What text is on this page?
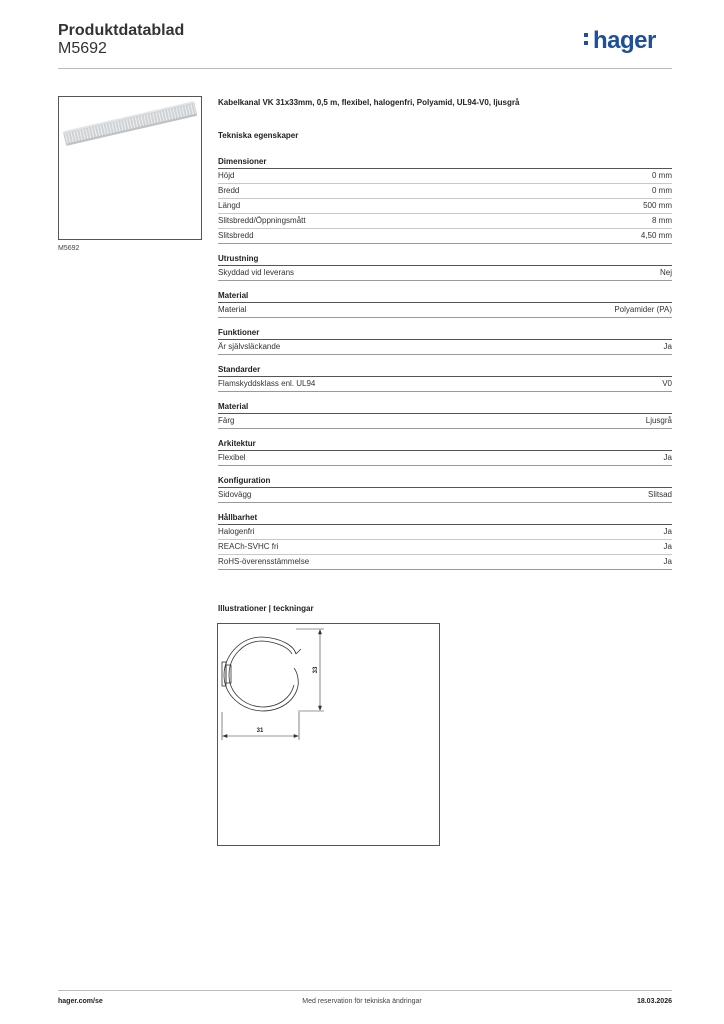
Produktdatablad
M5692	hager
M5692
Kabelkanal VK 31x33mm, 0,5 m, flexibel, halogenfri, Polyamid, UL94-V0, ljusgrå
Tekniska egenskaper
Dimensioner
Höjd	0 mm
Bredd	0 mm
Längd	500 mm
Slitsbredd/Öppningsmått	8 mm
Slitsbredd	4,50 mm
Utrustning
Skyddad vid leverans	Nej
Material
Material	Polyamider (PA)
Funktioner
Är självsläckande	Ja
Standarder
Flamskyddsklass enl. UL94	V0
Material
Färg	Ljusgrå
Arkitektur
Flexibel	Ja
Konfiguration
Sidovägg	Slitsad
Hållbarhet
Halogenfri	Ja
REACh-SVHC fri	Ja
RoHS-överensstämmelse	Ja
Illustrationer | teckningar
33
31
hager.com/se	Med reservation för tekniska ändringar	18.03.2026
